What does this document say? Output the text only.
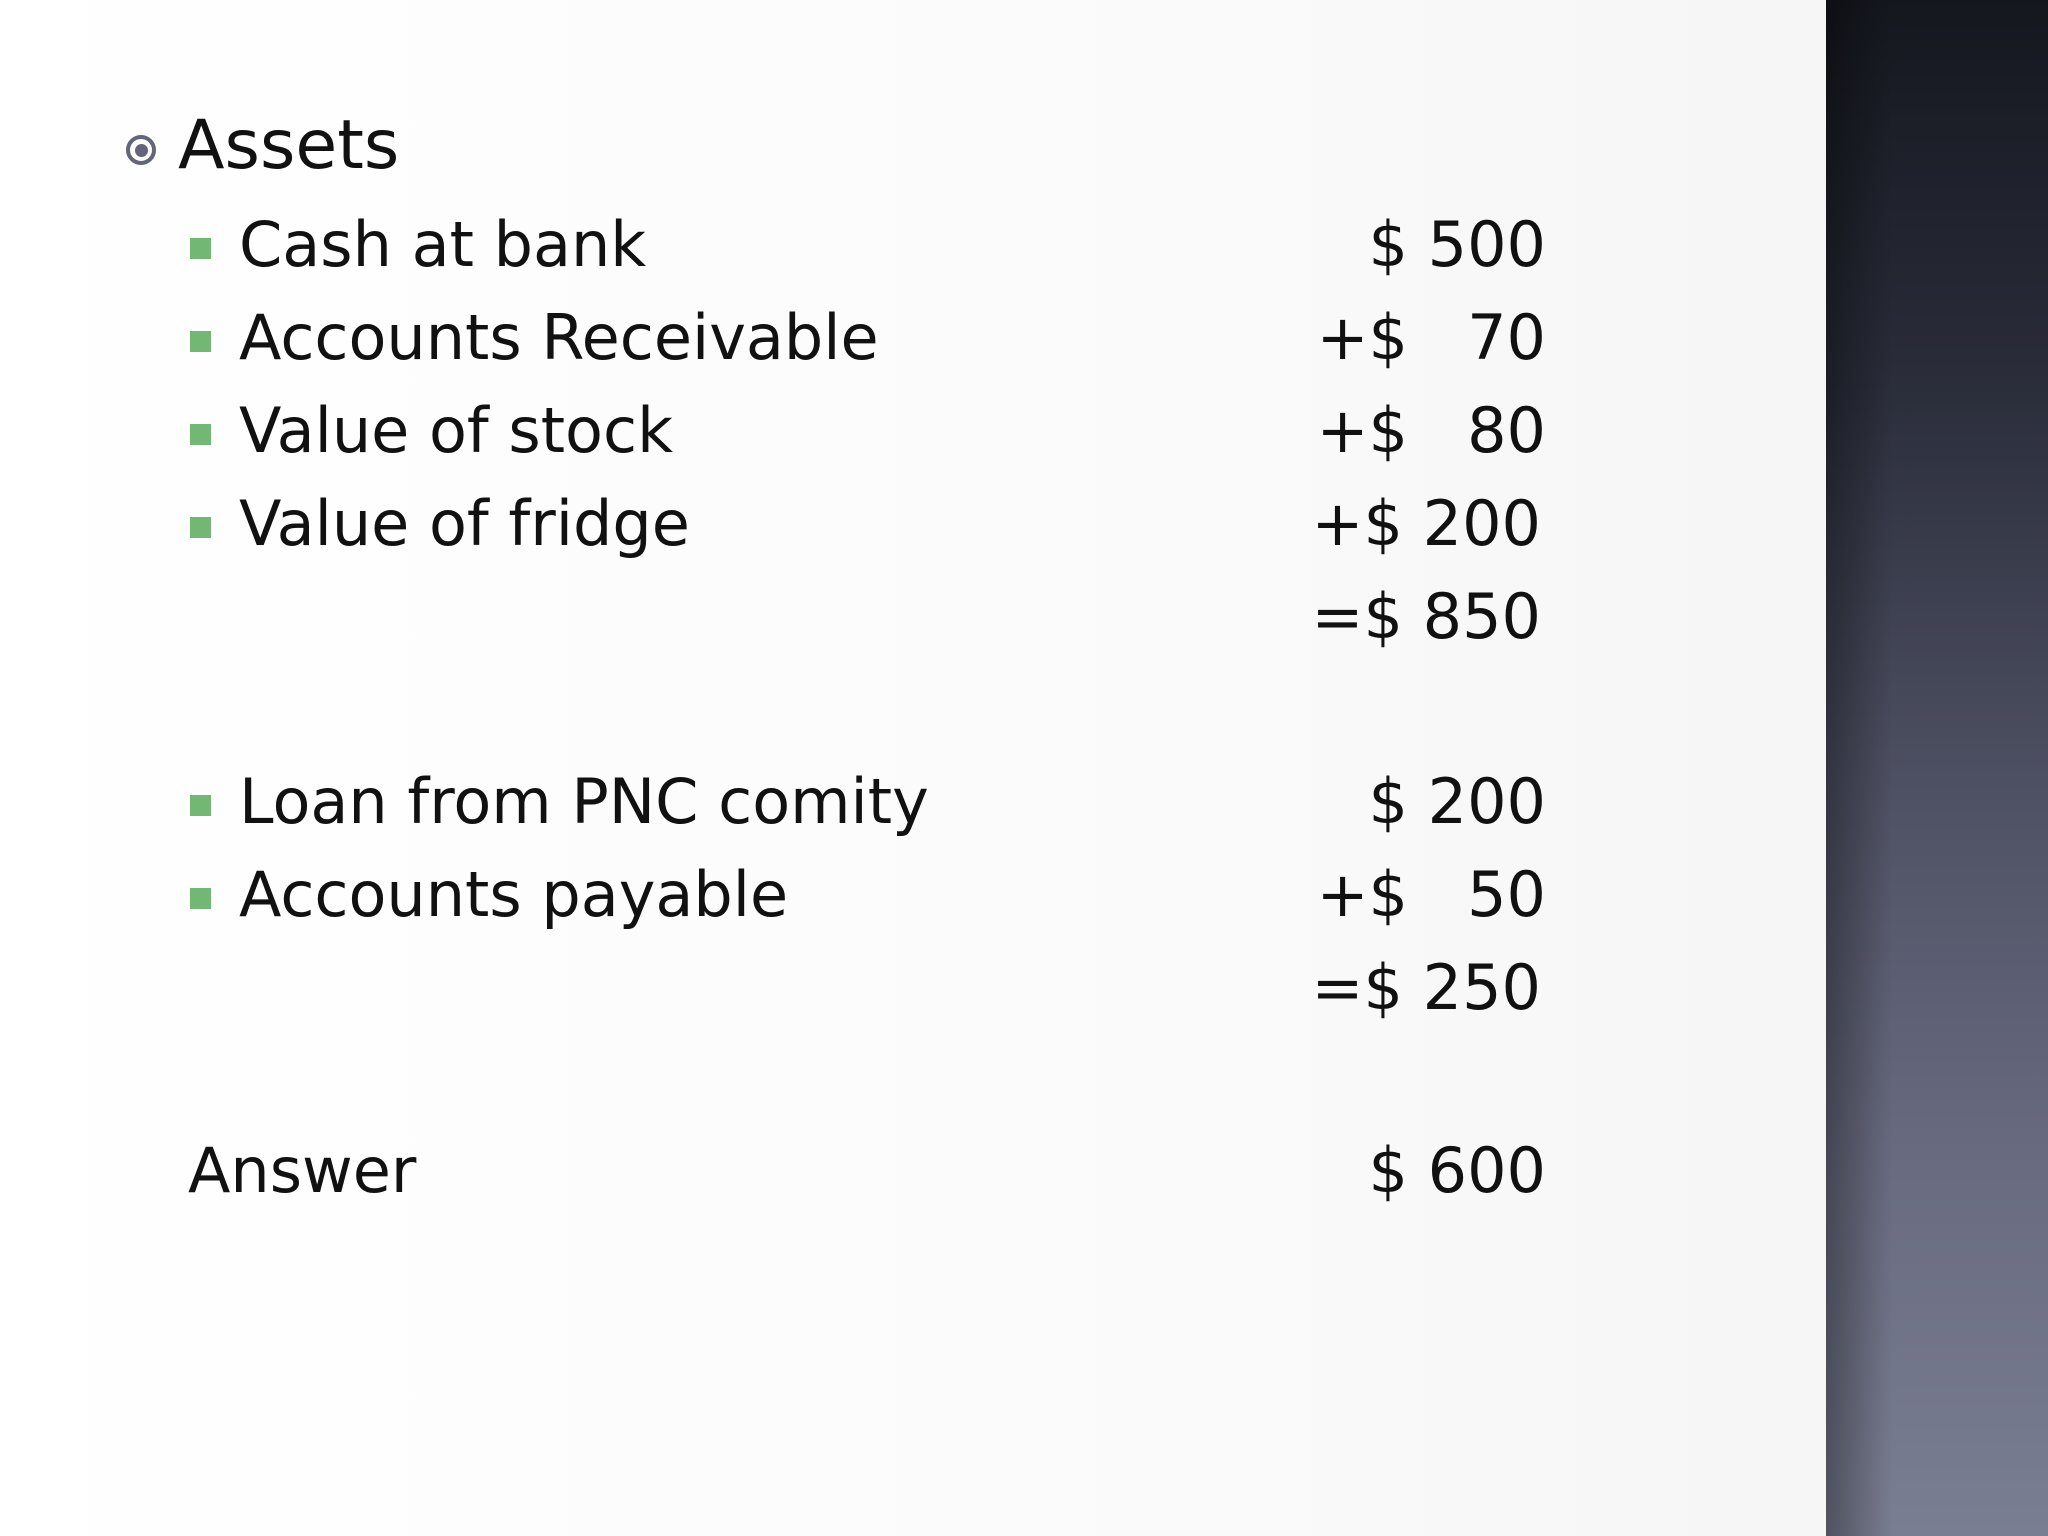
Assets
Cash at bank	$ 500
Accounts Receivable	+$   70
Value of stock	+$   80
Value of fridge	+$ 200
=$ 850
Loan from PNC comity	$ 200
Accounts payable	+$   50
=$ 250
Answer	$ 600
